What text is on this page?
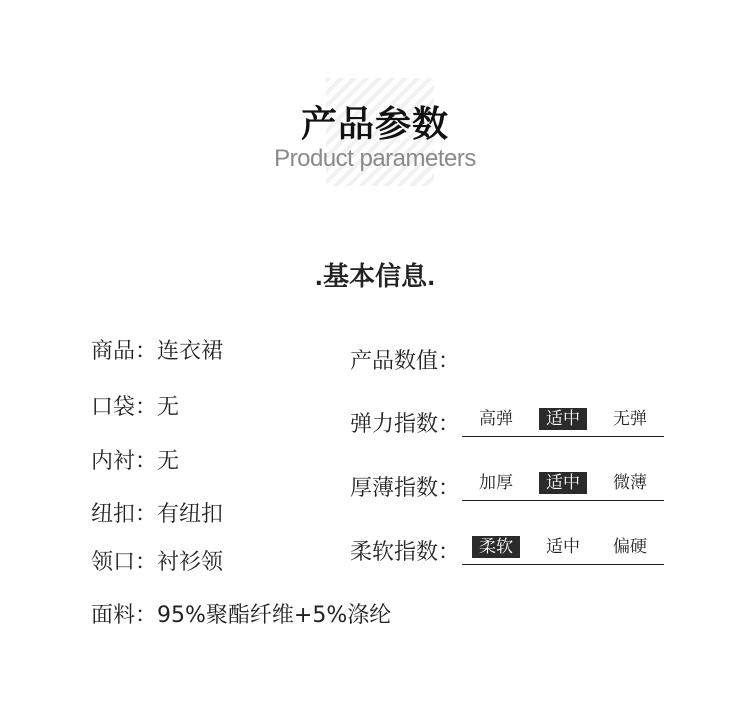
产品参数
Product parameters
.基本信息.
商品：连衣裙
口袋：无
内衬：无
纽扣：有纽扣
领口：衬衫领
面料：95%聚酯纤维+5%涤纶
产品数值：
弹力指数：	高弹	适中	无弹
厚薄指数：	加厚	适中	微薄
柔软指数：	柔软	适中	偏硬
